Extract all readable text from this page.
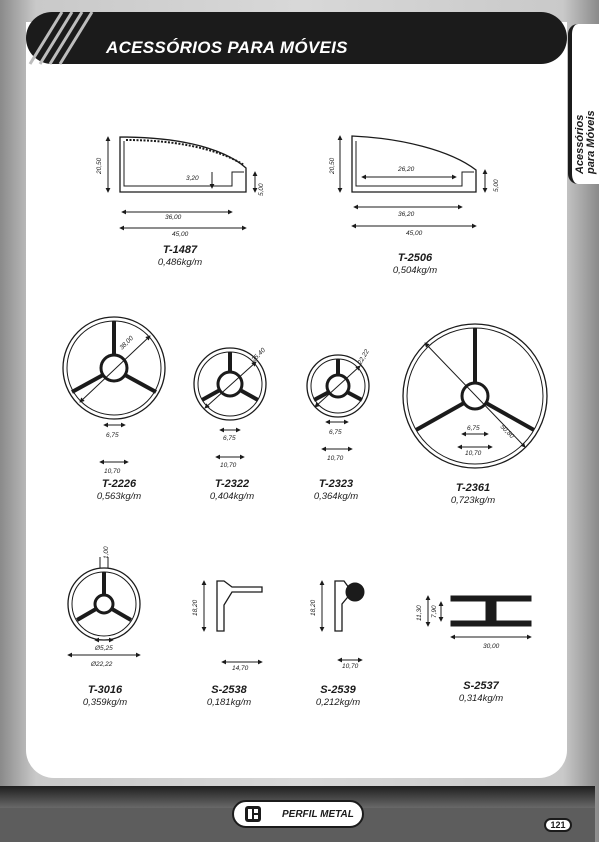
ACESSÓRIOS PARA MÓVEIS
Acessórios
para Móveis
20,50
3,20
5,00
36,00
45,00
20,50	26,20
5,00
36,20
45,00
38,00
6,75
10,70
25,40
6,75
10,70
22,22
6,75
10,70
50,80
6,75
10,70
1,00
Ø5,25
Ø22,22
18,20
14,70
18,20
10,70
11,30 7,90
30,00
T-1487
0,486kg/m	T-2506
0,504kg/m
T-2226
0,563kg/m
T-2322
0,404kg/m
T-2323
0,364kg/m
T-2361
0,723kg/m
T-3016
0,359kg/m
S-2538
0,181kg/m
S-2539
0,212kg/m
S-2537
0,314kg/m
PERFIL METAL
121
